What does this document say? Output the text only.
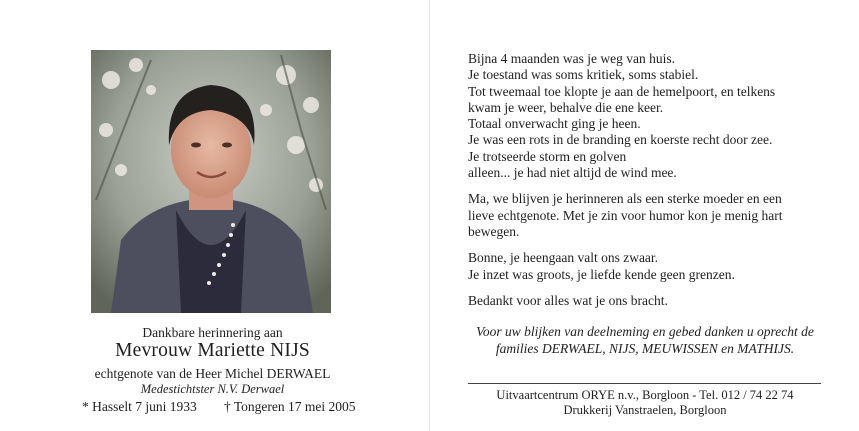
Dankbare herinnering aan
Mevrouw Mariette NIJS
echtgenote van de Heer Michel DERWAEL
Medestichtster N.V. Derwael
* Hasselt 7 juni 1933 † Tongeren 17 mei 2005

Bijna 4 maanden was je weg van huis.
Je toestand was soms kritiek, soms stabiel.
Tot tweemaal toe klopte je aan de hemelpoort, en telkens
kwam je weer, behalve die ene keer.
Totaal onverwacht ging je heen.
Je was een rots in de branding en koerste recht door zee.
Je trotseerde storm en golven
alleen... je had niet altijd de wind mee.

Ma, we blijven je herinneren als een sterke moeder en een
lieve echtgenote. Met je zin voor humor kon je menig hart
bewegen.

Bonne, je heengaan valt ons zwaar.
Je inzet was groots, je liefde kende geen grenzen.

Bedankt voor alles wat je ons bracht.

Voor uw blijken van deelneming en gebed danken u oprecht de
families DERWAEL, NIJS, MEUWISSEN en MATHIJS.
Uitvaartcentrum ORYE n.v., Borgloon - Tel. 012 / 74 22 74
Drukkerij Vanstraelen, Borgloon
